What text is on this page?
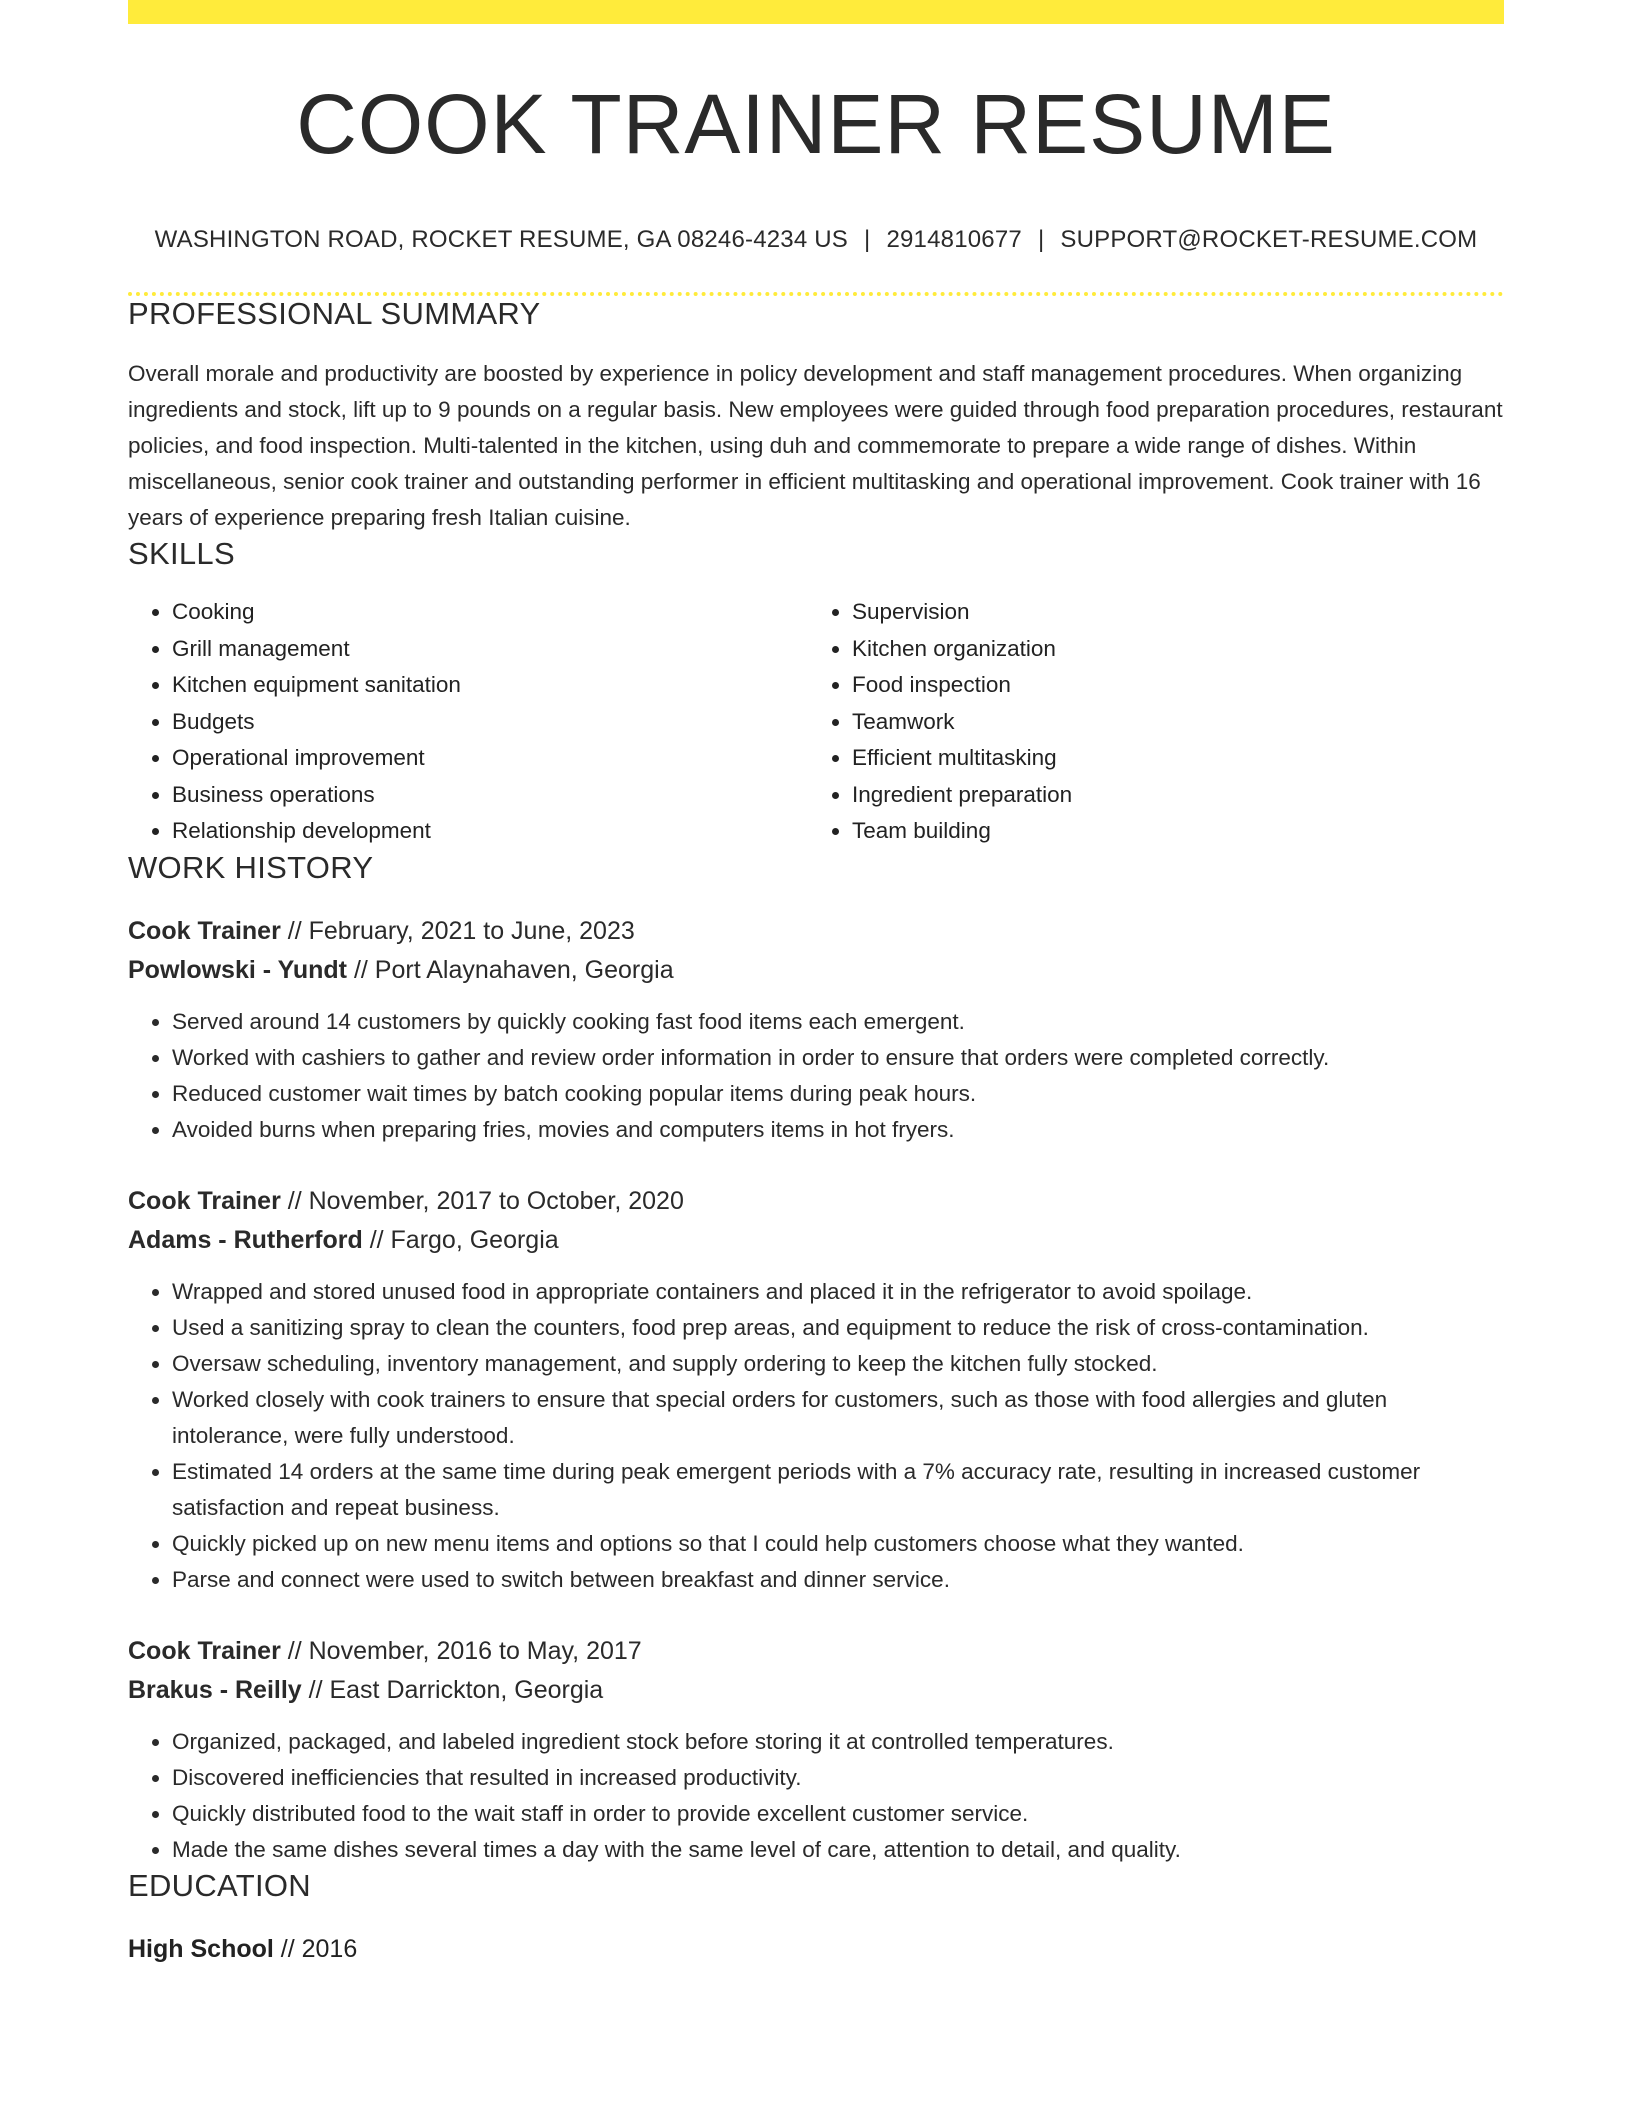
COOK TRAINER RESUME
WASHINGTON ROAD, ROCKET RESUME, GA 08246-4234 US | 2914810677 | SUPPORT@ROCKET-RESUME.COM
PROFESSIONAL SUMMARY

Overall morale and productivity are boosted by experience in policy development and staff management procedures. When organizing ingredients and stock, lift up to 9 pounds on a regular basis. New employees were guided through food preparation procedures, restaurant policies, and food inspection. Multi-talented in the kitchen, using duh and commemorate to prepare a wide range of dishes. Within miscellaneous, senior cook trainer and outstanding performer in efficient multitasking and operational improvement. Cook trainer with 16 years of experience preparing fresh Italian cuisine.

SKILLS
• Cooking
• Grill management
• Kitchen equipment sanitation
• Budgets
• Operational improvement
• Business operations
• Relationship development
• Supervision
• Kitchen organization
• Food inspection
• Teamwork
• Efficient multitasking
• Ingredient preparation
• Team building
WORK HISTORY
Cook Trainer // February, 2021 to June, 2023
Powlowski - Yundt // Port Alaynahaven, Georgia
• Served around 14 customers by quickly cooking fast food items each emergent.
• Worked with cashiers to gather and review order information in order to ensure that orders were completed correctly.
• Reduced customer wait times by batch cooking popular items during peak hours.
• Avoided burns when preparing fries, movies and computers items in hot fryers.
Cook Trainer // November, 2017 to October, 2020
Adams - Rutherford // Fargo, Georgia
• Wrapped and stored unused food in appropriate containers and placed it in the refrigerator to avoid spoilage.
• Used a sanitizing spray to clean the counters, food prep areas, and equipment to reduce the risk of cross-contamination.
• Oversaw scheduling, inventory management, and supply ordering to keep the kitchen fully stocked.
• Worked closely with cook trainers to ensure that special orders for customers, such as those with food allergies and gluten intolerance, were fully understood.
• Estimated 14 orders at the same time during peak emergent periods with a 7% accuracy rate, resulting in increased customer satisfaction and repeat business.
• Quickly picked up on new menu items and options so that I could help customers choose what they wanted.
• Parse and connect were used to switch between breakfast and dinner service.
Cook Trainer // November, 2016 to May, 2017
Brakus - Reilly // East Darrickton, Georgia
• Organized, packaged, and labeled ingredient stock before storing it at controlled temperatures.
• Discovered inefficiencies that resulted in increased productivity.
• Quickly distributed food to the wait staff in order to provide excellent customer service.
• Made the same dishes several times a day with the same level of care, attention to detail, and quality.
EDUCATION
High School // 2016
